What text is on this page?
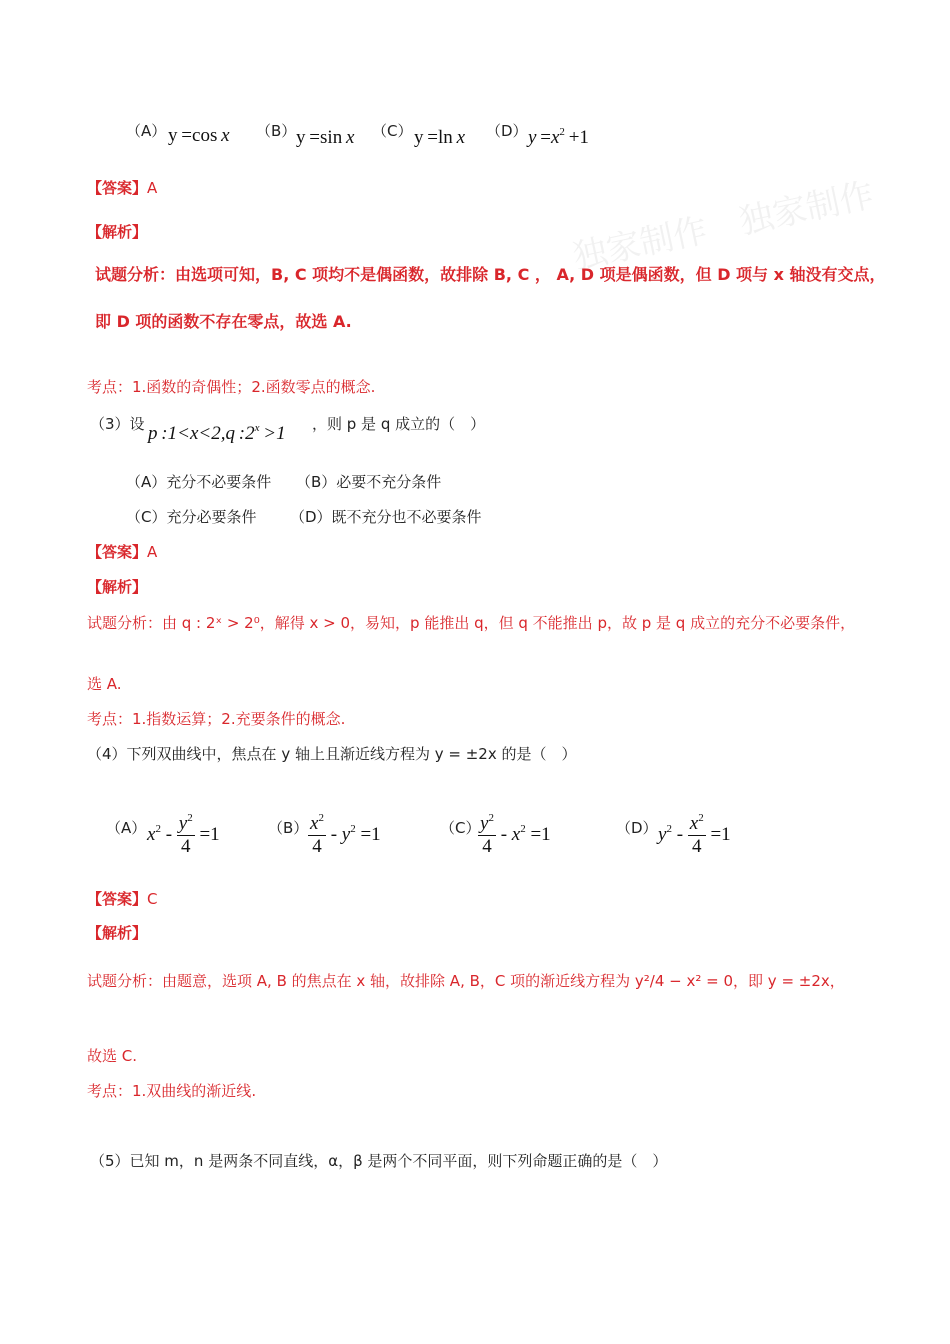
独家制作　独家制作
（A） y =cos x （B） y =sin x （C） y =ln x （D） $y =x^2 +1$
【答案】A
【解析】
试题分析：由选项可知，B, C 项均不是偶函数，故排除 B, C ， A, D 项是偶函数，但 D 项与 x 轴没有交点，
即 D 项的函数不存在零点，故选 A.
考点：1.函数的奇偶性；2.函数零点的概念.
（3）设 p :1<x<2,q $:2^x >1$ ，则 p 是 q 成立的（　）
（A）充分不必要条件 （B）必要不充分条件
（C）充分必要条件 （D）既不充分也不必要条件
【答案】A
【解析】
试题分析：由 q : 2ˣ > 2⁰，解得 x > 0，易知，p 能推出 q，但 q 不能推出 p，故 p 是 q 成立的充分不必要条件，
选 A.
考点：1.指数运算；2.充要条件的概念.
（4）下列双曲线中，焦点在 y 轴上且渐近线方程为 y = ±2x 的是（　）
（A） $x^2 - \frac{y^2}{4} =1$	$(B) \frac{x^2}{4} - y^2 =1$	（C）
$\frac{y^2}{4} - x^2 =1$	（D） $y^2 - \frac{x^2}{4} =1$
【答案】C
【解析】
试题分析：由题意，选项 A, B 的焦点在 x 轴，故排除 A, B，C 项的渐近线方程为 y²/4 − x² = 0，即 y = ±2x，
故选 C.
考点：1.双曲线的渐近线.
（5）已知 m，n 是两条不同直线，α，β 是两个不同平面，则下列命题正确的是（　）
